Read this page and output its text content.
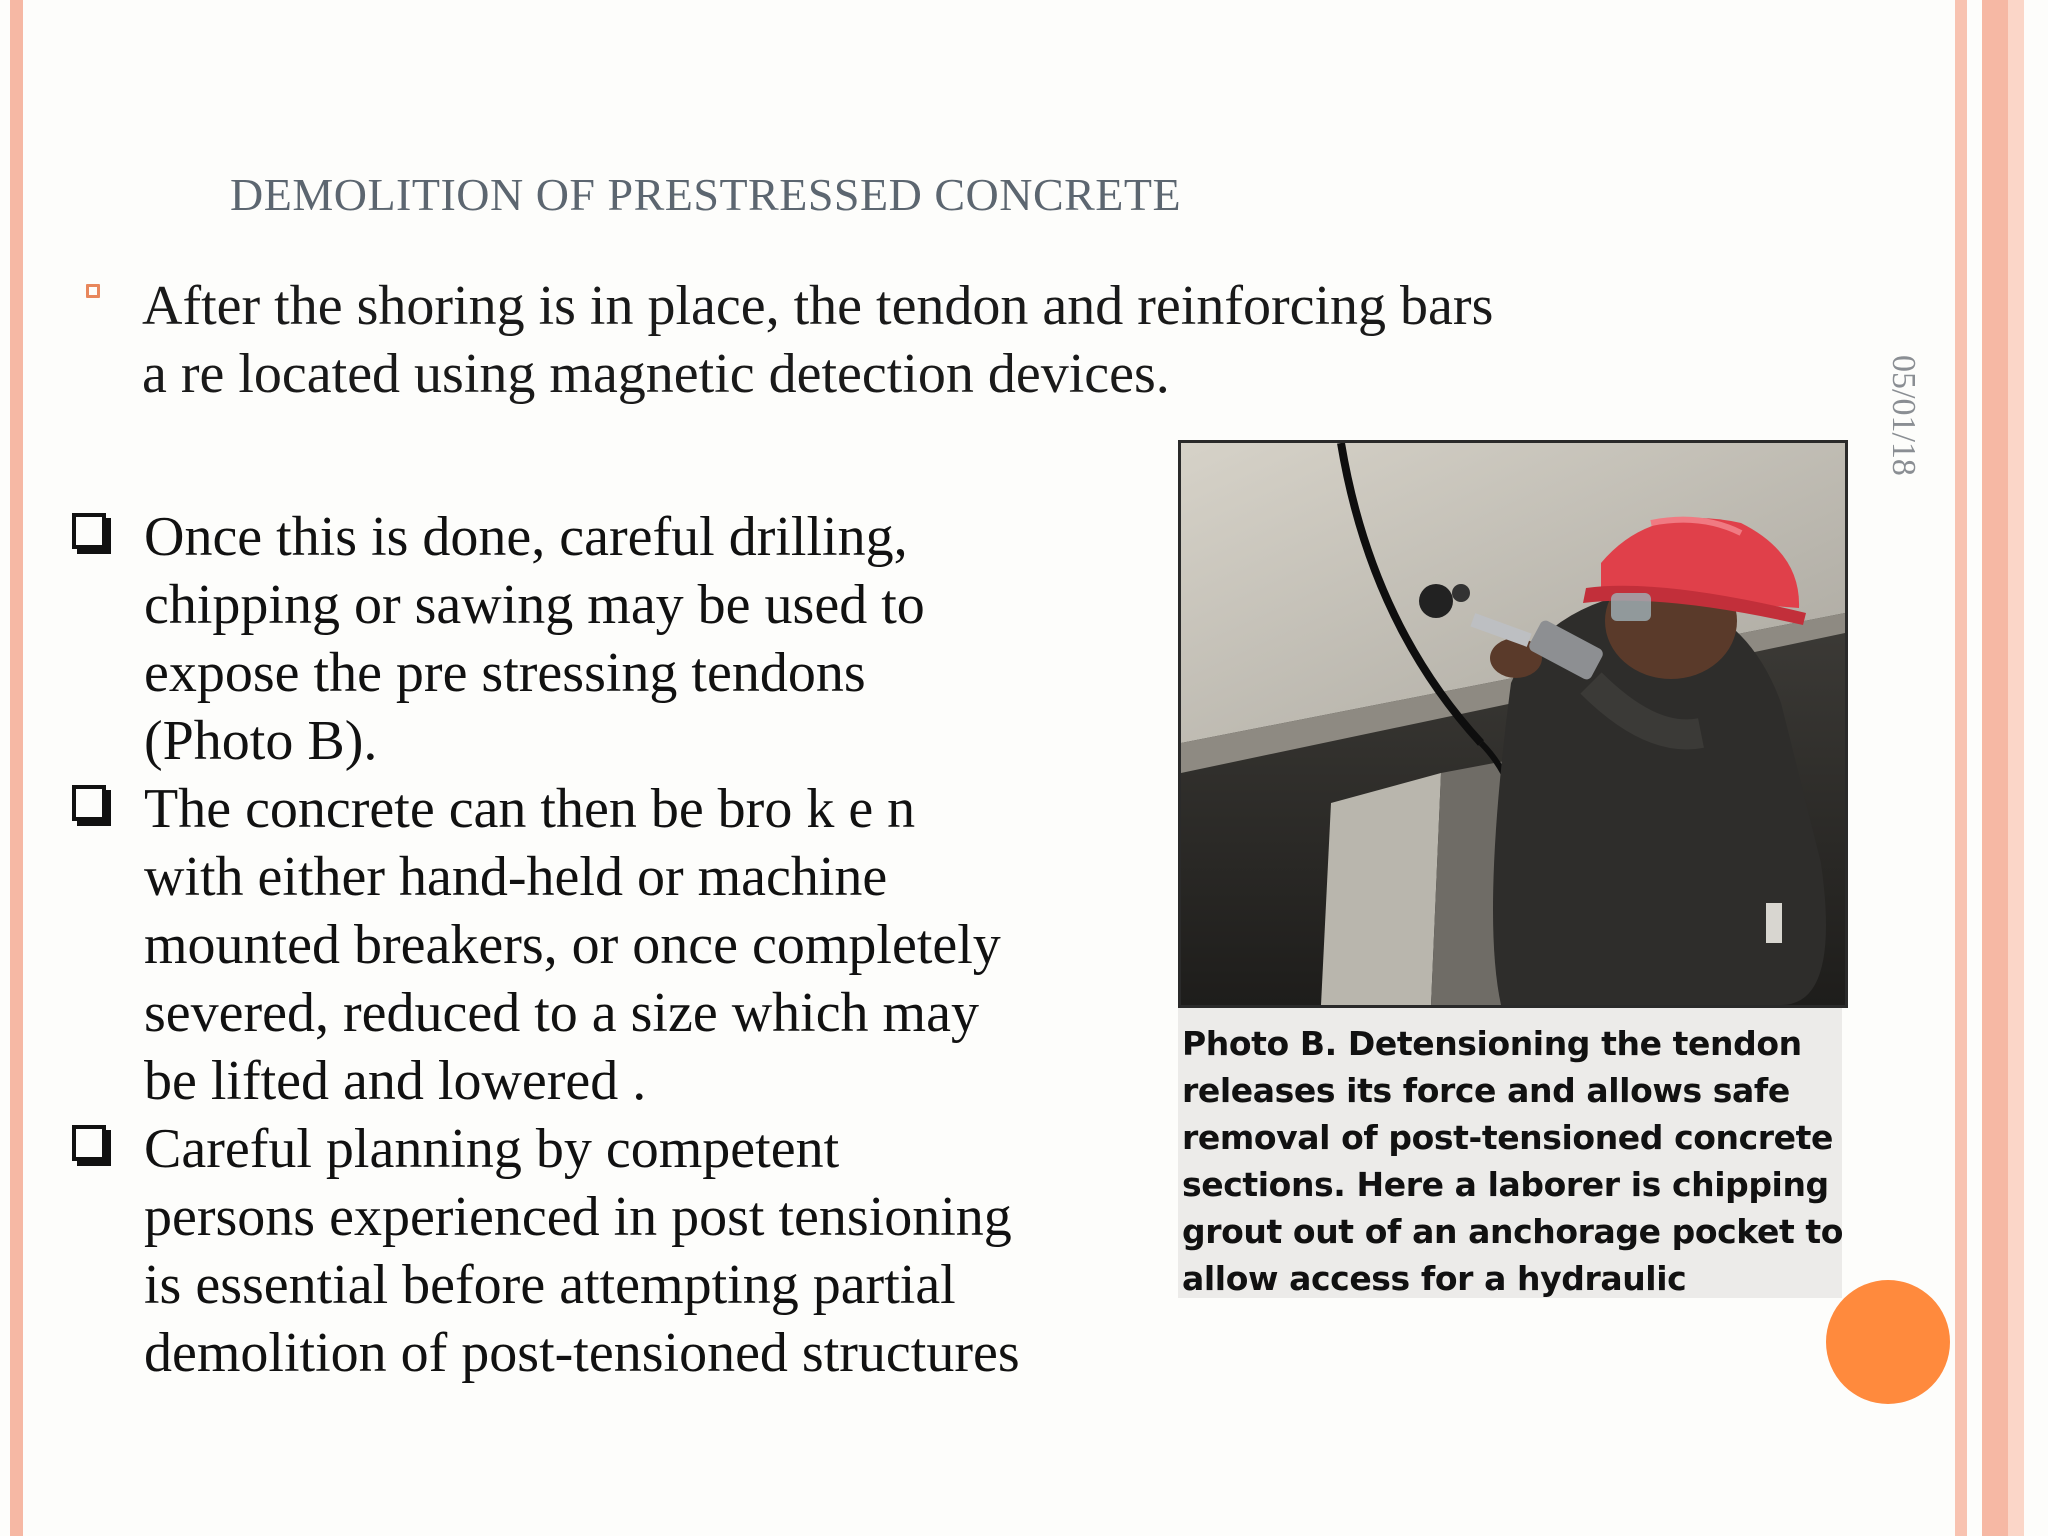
DEMOLITION OF PRESTRESSED CONCRETE
05/01/18
After the shoring is in place, the tendon and reinforcing bars
a re located using magnetic detection devices.
Once this is done, careful drilling,
chipping or sawing may be used to
expose the pre stressing tendons
(Photo B).
The concrete can then be bro k e n
with either hand-held or machine
mounted breakers, or once completely
severed, reduced to a size which may
be lifted and lowered .
Careful planning by competent
persons experienced in post tensioning
is essential before attempting partial
demolition of post-tensioned structures
Photo B. Detensioning the tendon
releases its force and allows safe
removal of post-tensioned concrete
sections. Here a laborer is chipping
grout out of an anchorage pocket to
allow access for a hydraulic
